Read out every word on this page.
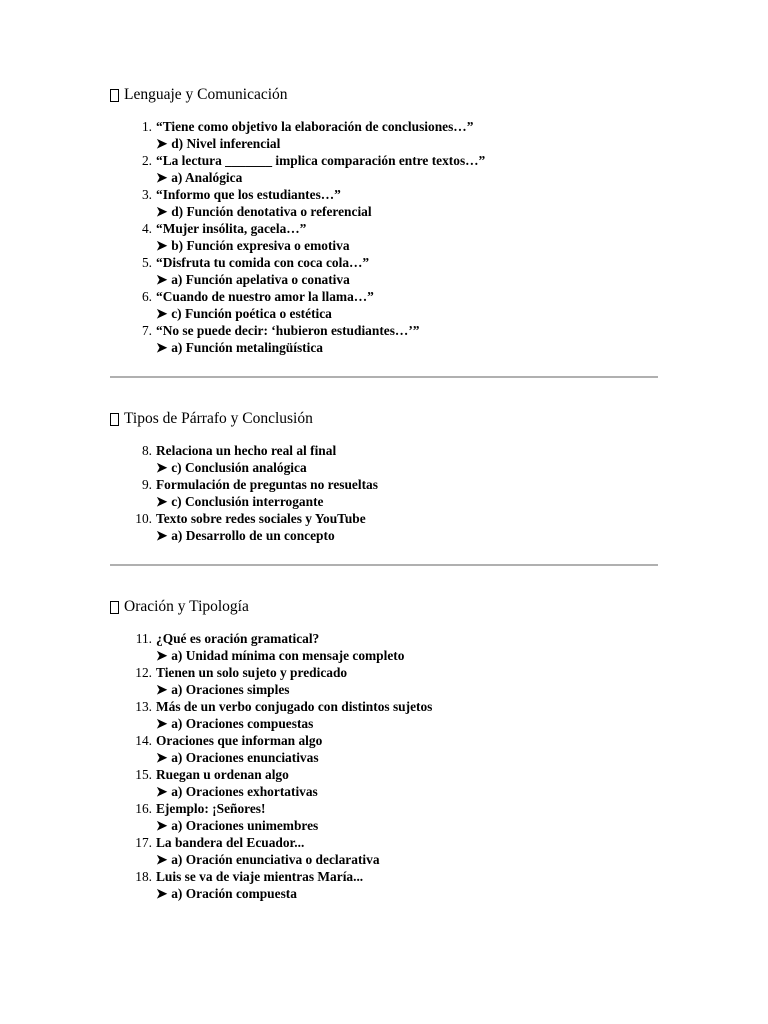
Lenguaje y Comunicación
1. “Tiene como objetivo la elaboración de conclusiones…”
➤ d) Nivel inferencial
2. “La lectura _______ implica comparación entre textos…”
➤ a) Analógica
3. “Informo que los estudiantes…”
➤ d) Función denotativa o referencial
4. “Mujer insólita, gacela…”
➤ b) Función expresiva o emotiva
5. “Disfruta tu comida con coca cola…”
➤ a) Función apelativa o conativa
6. “Cuando de nuestro amor la llama…”
➤ c) Función poética o estética
7. “No se puede decir: ‘hubieron estudiantes…’”
➤ a) Función metalingüística
Tipos de Párrafo y Conclusión
8. Relaciona un hecho real al final
➤ c) Conclusión analógica
9. Formulación de preguntas no resueltas
➤ c) Conclusión interrogante
10. Texto sobre redes sociales y YouTube
➤ a) Desarrollo de un concepto
Oración y Tipología
11. ¿Qué es oración gramatical?
➤ a) Unidad mínima con mensaje completo
12. Tienen un solo sujeto y predicado
➤ a) Oraciones simples
13. Más de un verbo conjugado con distintos sujetos
➤ a) Oraciones compuestas
14. Oraciones que informan algo
➤ a) Oraciones enunciativas
15. Ruegan u ordenan algo
➤ a) Oraciones exhortativas
16. Ejemplo: ¡Señores!
➤ a) Oraciones unimembres
17. La bandera del Ecuador...
➤ a) Oración enunciativa o declarativa
18. Luis se va de viaje mientras María...
➤ a) Oración compuesta
